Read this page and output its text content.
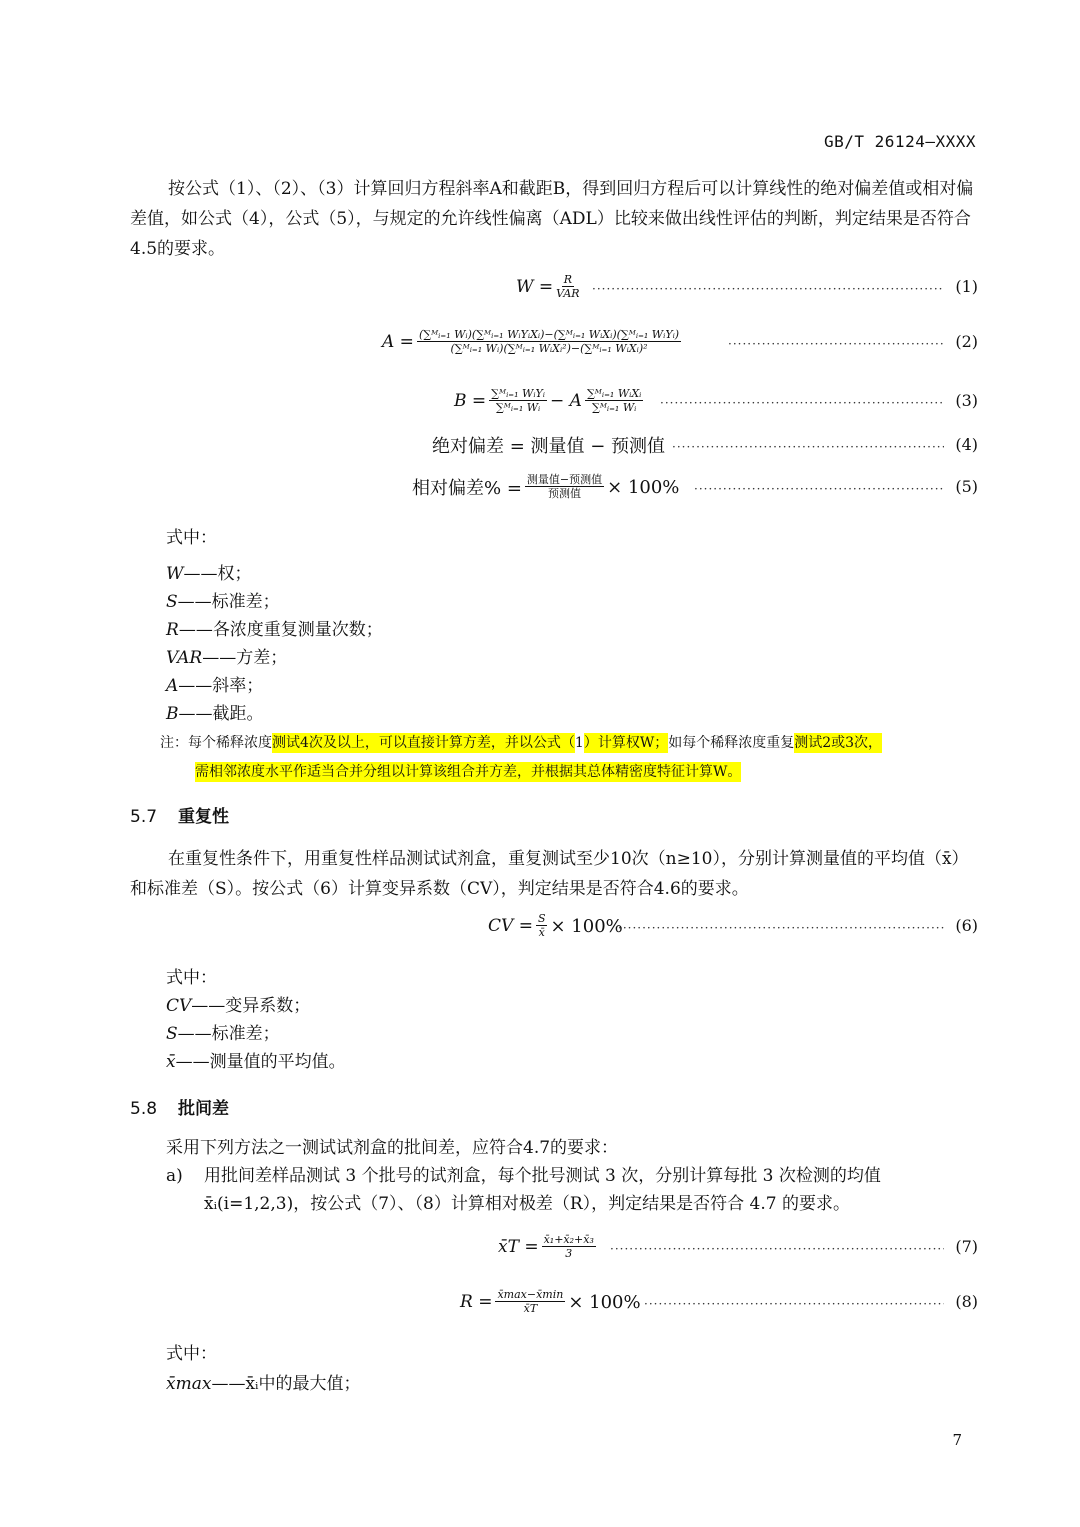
GB/T 26124—XXXX
按公式（1）、（2）、（3）计算回归方程斜率A和截距B，得到回归方程后可以计算线性的绝对偏差值或相对偏差值，如公式（4），公式（5），与规定的允许线性偏离（ADL）比较来做出线性评估的判断，判定结果是否符合4.5的要求。
$W = \frac{R}{\text{VAR}}$ ·····	(1)
$A = \frac{\text{(∑ᴹᵢ₌₁ Wᵢ)(∑ᴹᵢ₌₁ WᵢYᵢXᵢ)−(∑ᴹᵢ₌₁ WᵢXᵢ)(∑ᴹᵢ₌₁ WᵢYᵢ)}}{\text{(∑ᴹᵢ₌₁ Wᵢ)(∑ᴹᵢ₌₁ WᵢXᵢ²)−(∑ᴹᵢ₌₁ WᵢXᵢ)²}}$ ·····	(2)
$B = \frac{\text{∑ᴹᵢ₌₁ WᵢYᵢ}}{\text{∑ᴹᵢ₌₁ Wᵢ}} - A \frac{\text{∑ᴹᵢ₌₁ WᵢXᵢ}}{\text{∑ᴹᵢ₌₁ Wᵢ}}$ ·····	(3)
绝对偏差 = 测量值 − 预测值 ·····	(4)
相对偏差% = $\frac{\text{测量值−预测值}}{\text{预测值}} \times 100\%$ ·····	(5)
式中：
W——权；
S——标准差；
R——各浓度重复测量次数；
VAR——方差；
A——斜率；
B——截距。
注：每个稀释浓度测试4次及以上，可以直接计算方差，并以公式（1）计算权W；如每个稀释浓度重复测试2或3次，
需相邻浓度水平作适当合并分组以计算该组合并方差，并根据其总体精密度特征计算W。
5.7 重复性
在重复性条件下，用重复性样品测试试剂盒，重复测试至少10次（n≥10），分别计算测量值的平均值（x̄）和标准差（S）。按公式（6）计算变异系数（CV），判定结果是否符合4.6的要求。
CV = $\frac{S}{x̄} \times 100\%$ ·····	(6)
式中：
CV——变异系数；
S——标准差；
x̄——测量值的平均值。
5.8 批间差
采用下列方法之一测试试剂盒的批间差，应符合4.7的要求：
a) 用批间差样品测试 3 个批号的试剂盒，每个批号测试 3 次，分别计算每批 3 次检测的均值
x̄ᵢ(i=1,2,3)，按公式（7）、（8）计算相对极差（R），判定结果是否符合 4.7 的要求。
x̄T = $\frac{\text{x̄₁+x̄₂+x̄₃}}{3}$ ·····	(7)
$R = \frac{x̄\max-x̄\min}{x̄T} \times 100\%$ ·····	(8)
式中：
x̄max——x̄ᵢ中的最大值；
7
